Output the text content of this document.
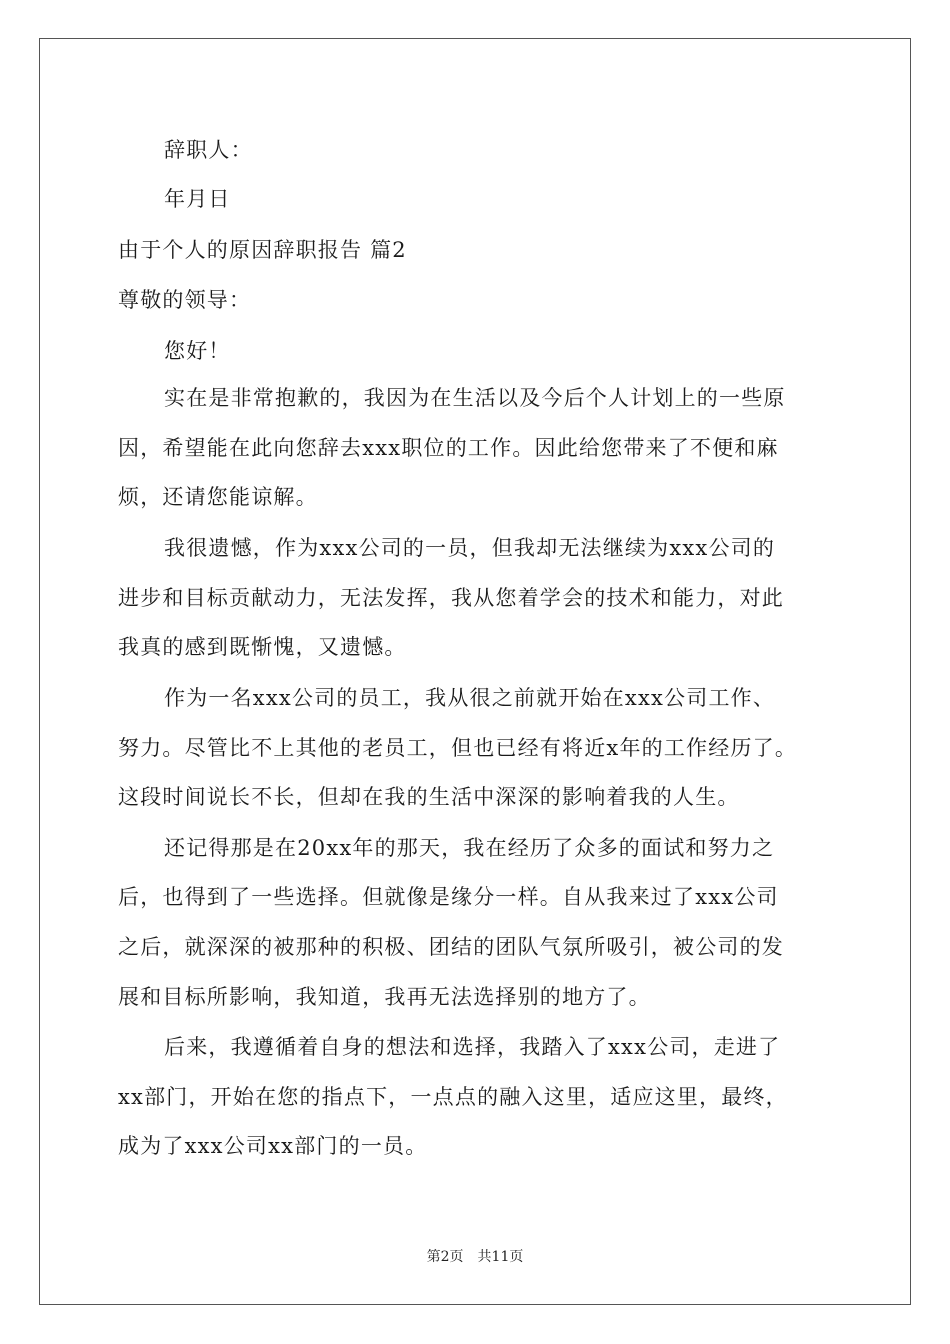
辞职人：
年月日
由于个人的原因辞职报告 篇2
尊敬的领导：
您好！
实在是非常抱歉的，我因为在生活以及今后个人计划上的一些原
因，希望能在此向您辞去xxx职位的工作。因此给您带来了不便和麻
烦，还请您能谅解。
我很遗憾，作为xxx公司的一员，但我却无法继续为xxx公司的
进步和目标贡献动力，无法发挥，我从您着学会的技术和能力，对此
我真的感到既惭愧，又遗憾。
作为一名xxx公司的员工，我从很之前就开始在xxx公司工作、
努力。尽管比不上其他的老员工，但也已经有将近x年的工作经历了。
这段时间说长不长，但却在我的生活中深深的影响着我的人生。
还记得那是在20xx年的那天，我在经历了众多的面试和努力之
后，也得到了一些选择。但就像是缘分一样。自从我来过了xxx公司
之后，就深深的被那种的积极、团结的团队气氛所吸引，被公司的发
展和目标所影响，我知道，我再无法选择别的地方了。
后来，我遵循着自身的想法和选择，我踏入了xxx公司，走进了
xx部门，开始在您的指点下，一点点的融入这里，适应这里，最终，
成为了xxx公司xx部门的一员。
第2页 共11页
